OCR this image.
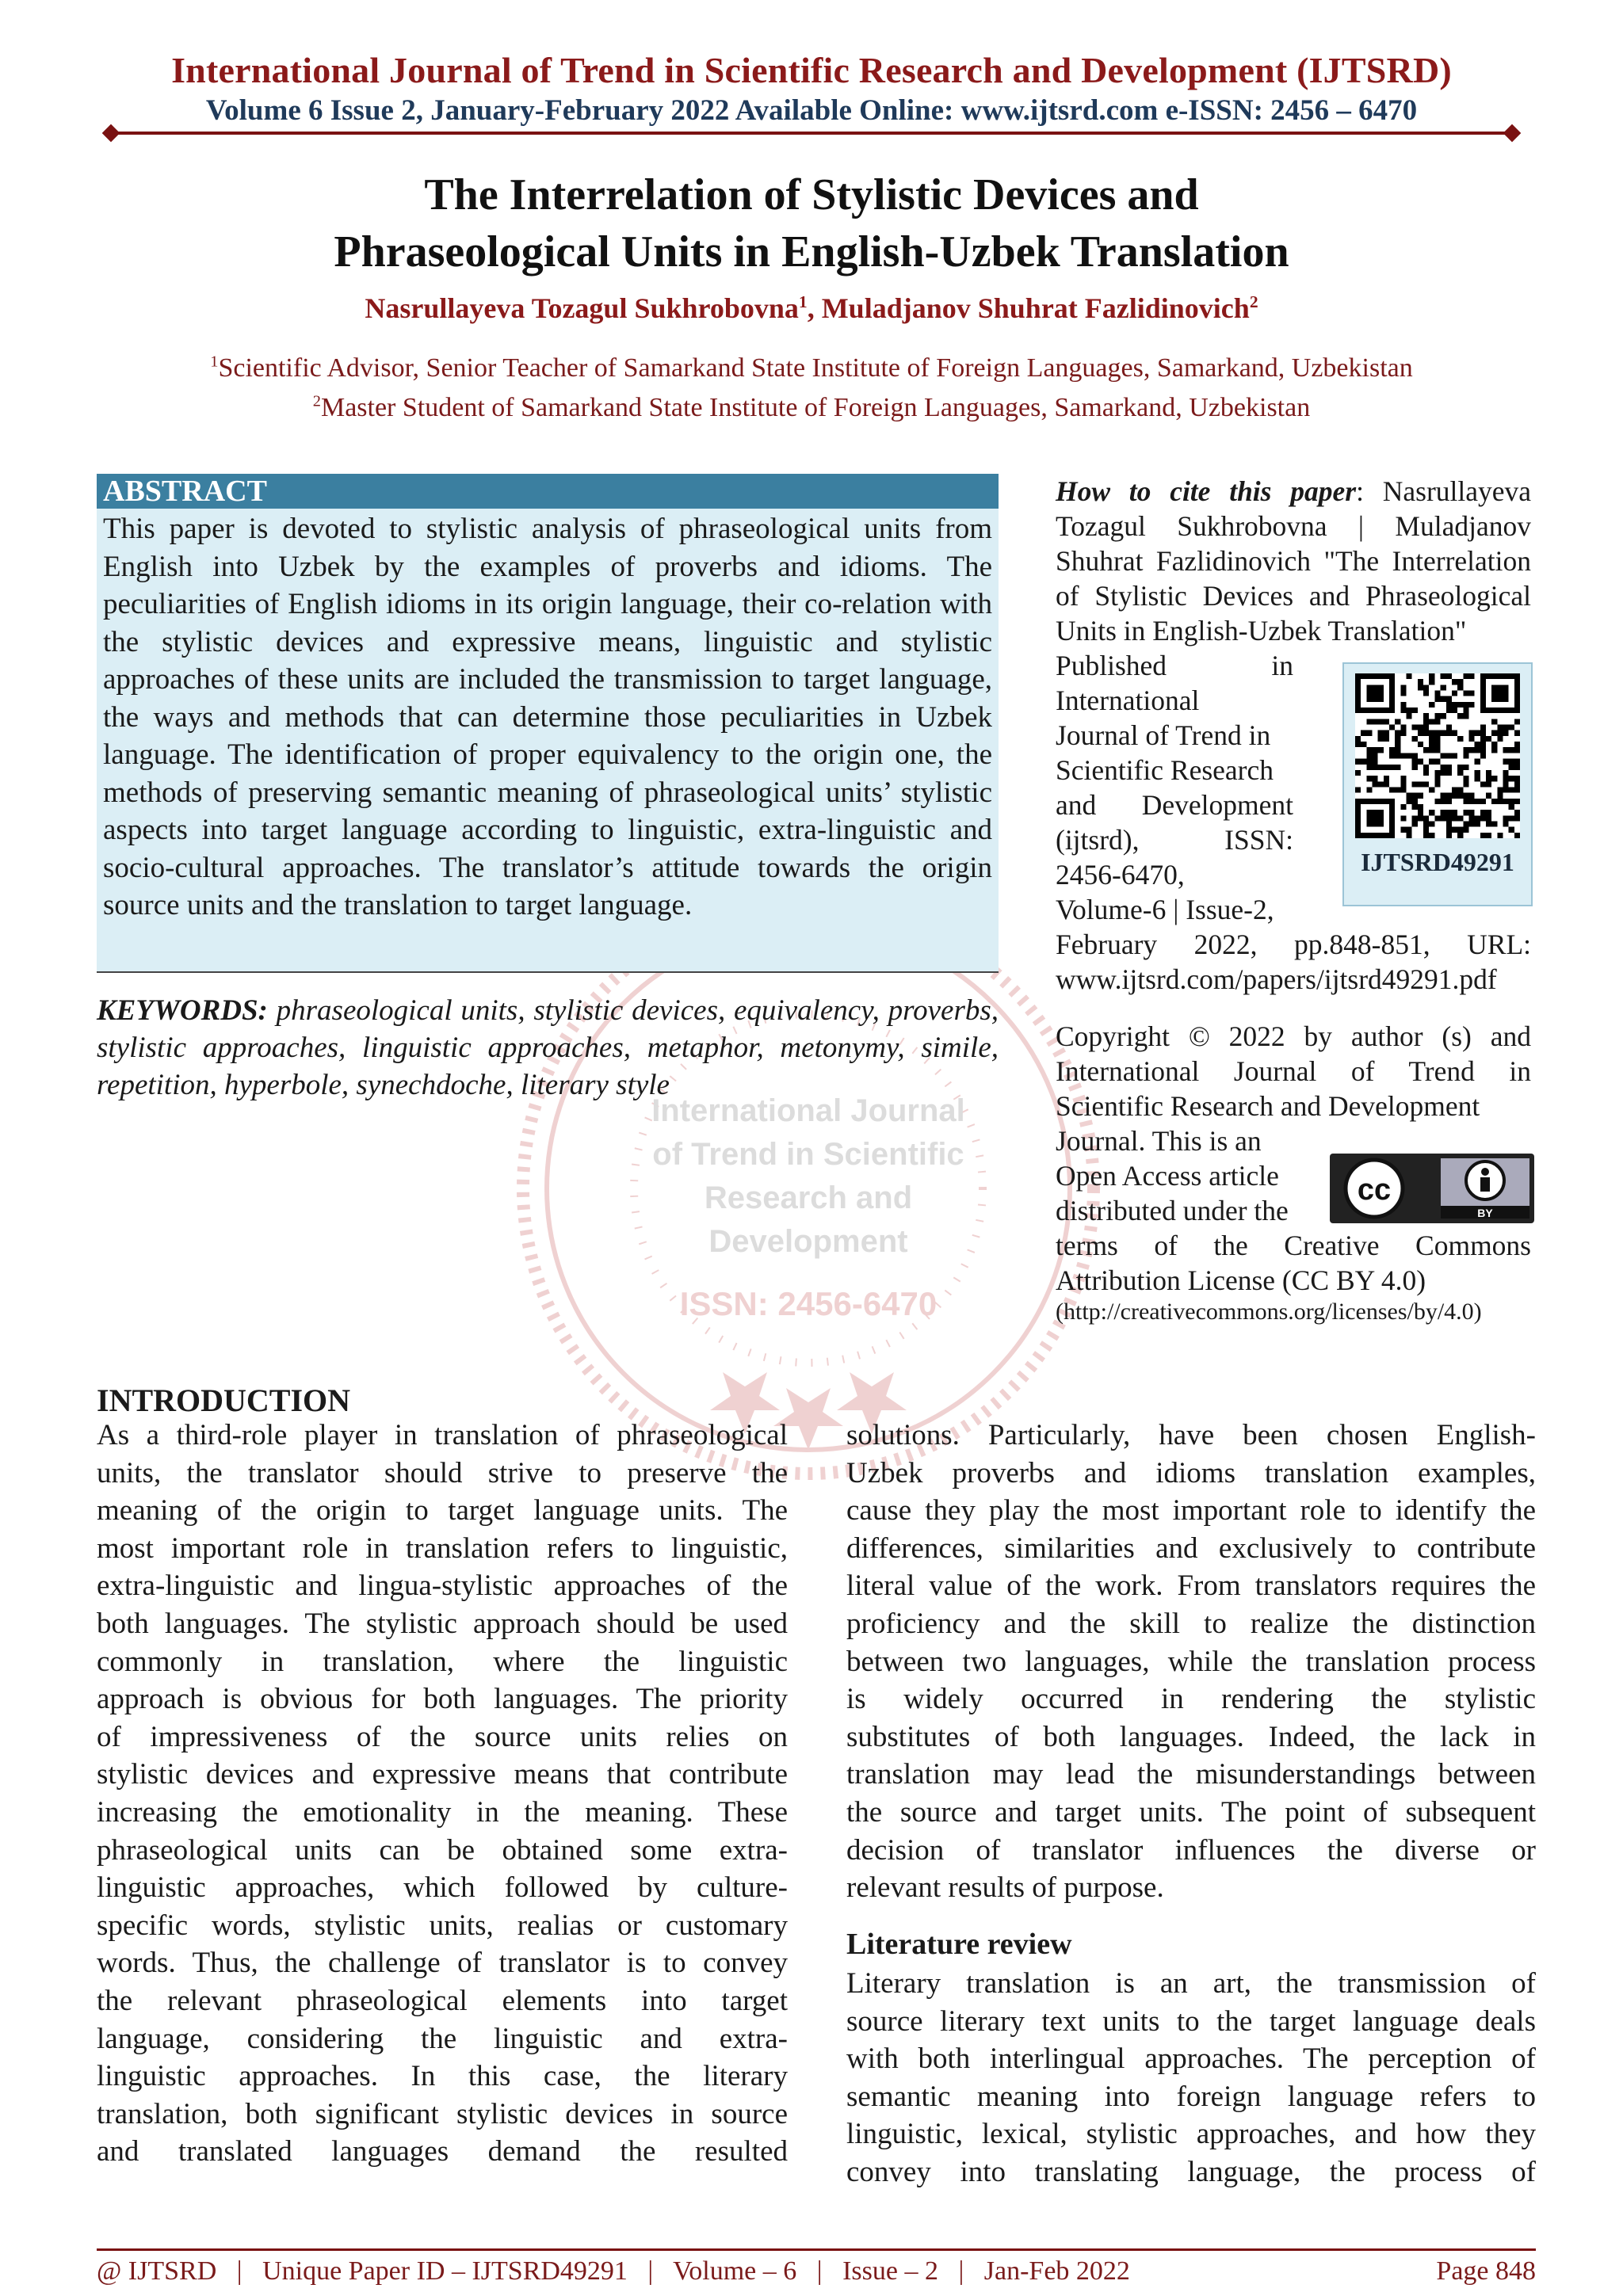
International Journal of Trend in Scientific Research and Development (IJTSRD)
Volume 6 Issue 2, January-February 2022 Available Online: www.ijtsrd.com e-ISSN: 2456 – 6470
The Interrelation of Stylistic Devices and
Phraseological Units in English-Uzbek Translation
Nasrullayeva Tozagul Sukhrobovna$^1$, Muladjanov Shuhrat Fazlidinovich$^2$
$^1$Scientific Advisor, Senior Teacher of Samarkand State Institute of Foreign Languages, Samarkand, Uzbekistan
$^2$Master Student of Samarkand State Institute of Foreign Languages, Samarkand, Uzbekistan
International Journal
of Trend in Scientific
Research and
Development
ISSN: 2456-6470
ABSTRACT
This paper is devoted to stylistic analysis of phraseological units from English into Uzbek by the examples of proverbs and idioms. The peculiarities of English idioms in its origin language, their co-relation with the stylistic devices and expressive means, linguistic and stylistic approaches of these units are included the transmission to target language, the ways and methods that can determine those peculiarities in Uzbek language. The identification of proper equivalency to the origin one, the methods of preserving semantic meaning of phraseological units’ stylistic aspects into target language according to linguistic, extra-linguistic and socio-cultural approaches. The translator’s attitude towards the origin source units and the translation to target language.
KEYWORDS: phraseological units, stylistic devices, equivalency, proverbs, stylistic approaches, linguistic approaches, metaphor, metonymy, simile, repetition, hyperbole, synechdoche, literary style

How to cite this paper: Nasrullayeva Tozagul Sukhrobovna | Muladjanov Shuhrat Fazlidinovich "The Interrelation of Stylistic Devices and Phraseological Units in English-Uzbek Translation"

Published in
International
Journal of Trend in
Scientific Research
and Development
(ijtsrd), ISSN:
2456-6470,
Volume-6 | Issue-2,

February 2022, pp.848-851, URL: www.ijtsrd.com/papers/ijtsrd49291.pdf

Copyright © 2022 by author (s) and International Journal of Trend in Scientific Research and Development

Journal. This is an
Open Access article
distributed under the

terms of the Creative Commons Attribution License (CC BY 4.0)

(http://creativecommons.org/licenses/by/4.0)

IJTSRD49291
cc
BY
INTRODUCTION
As a third-role player in translation of phraseological
units, the translator should strive to preserve the
meaning of the origin to target language units. The
most important role in translation refers to linguistic,
extra-linguistic and lingua-stylistic approaches of the
both languages. The stylistic approach should be used
commonly in translation, where the linguistic
approach is obvious for both languages. The priority
of impressiveness of the source units relies on
stylistic devices and expressive means that contribute
increasing the emotionality in the meaning. These
phraseological units can be obtained some extra-
linguistic approaches, which followed by culture-
specific words, stylistic units, realias or customary
words. Thus, the challenge of translator is to convey
the relevant phraseological elements into target
language, considering the linguistic and extra-
linguistic approaches. In this case, the literary
translation, both significant stylistic devices in source
and translated languages demand the resulted
solutions. Particularly, have been chosen English-
Uzbek proverbs and idioms translation examples,
cause they play the most important role to identify the
differences, similarities and exclusively to contribute
literal value of the work. From translators requires the
proficiency and the skill to realize the distinction
between two languages, while the translation process
is widely occurred in rendering the stylistic
substitutes of both languages. Indeed, the lack in
translation may lead the misunderstandings between
the source and target units. The point of subsequent
decision of translator influences the diverse or
relevant results of purpose.
Literature review
Literary translation is an art, the transmission of
source literary text units to the target language deals
with both interlingual approaches. The perception of
semantic meaning into foreign language refers to
linguistic, lexical, stylistic approaches, and how they
convey into translating language, the process of
@ IJTSRD   |   Unique Paper ID – IJTSRD49291   |   Volume – 6   |   Issue – 2   |   Jan-Feb 2022	Page 848
